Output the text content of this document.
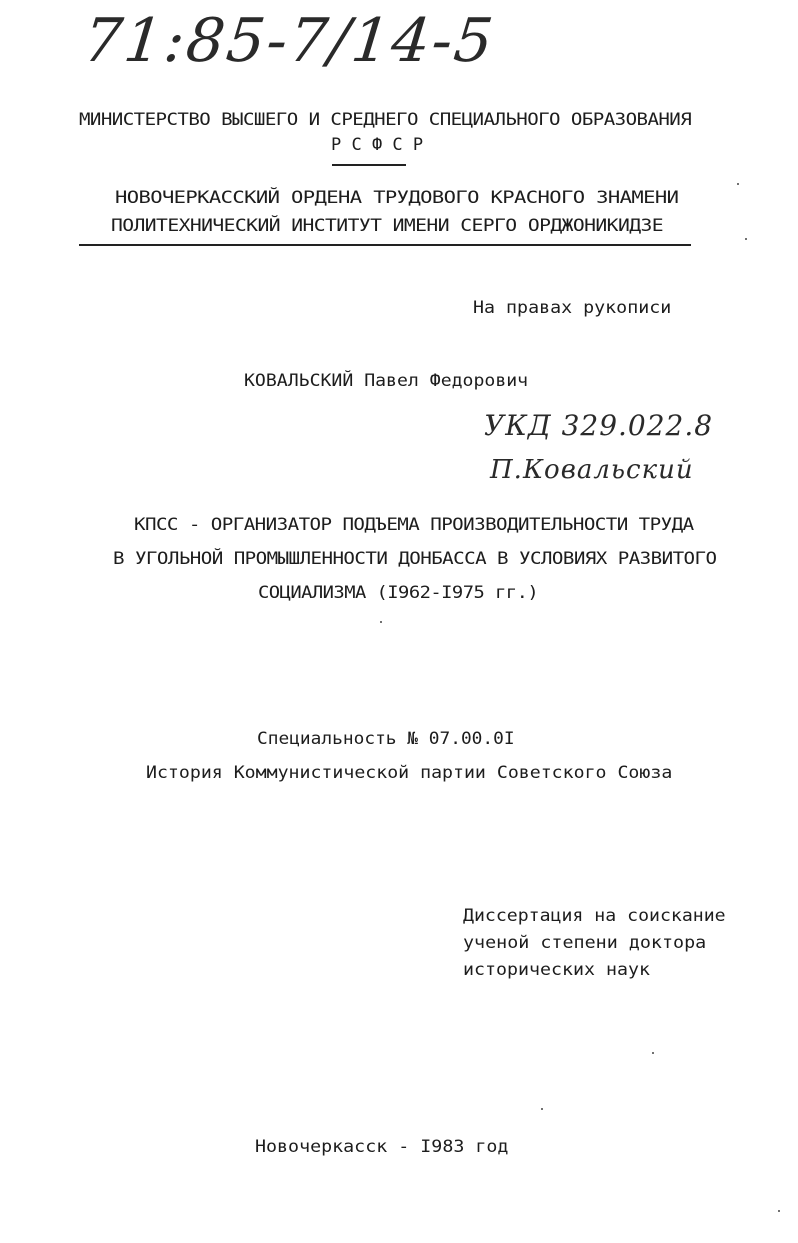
71:85-7/14-5
МИНИСТЕРСТВО ВЫСШЕГО И СРЕДНЕГО СПЕЦИАЛЬНОГО ОБРАЗОВАНИЯ
Р С Ф С Р
НОВОЧЕРКАССКИЙ ОРДЕНА ТРУДОВОГО КРАСНОГО ЗНАМЕНИ
ПОЛИТЕХНИЧЕСКИЙ ИНСТИТУТ ИМЕНИ СЕРГО ОРДЖОНИКИДЗЕ
На правах рукописи
КОВАЛЬСКИЙ Павел Федорович
УКД 329.022.8
П.Ковальский
КПСС - ОРГАНИЗАТОР ПОДЪЕМА ПРОИЗВОДИТЕЛЬНОСТИ ТРУДА
В УГОЛЬНОЙ ПРОМЫШЛЕННОСТИ ДОНБАССА В УСЛОВИЯХ РАЗВИТОГО
СОЦИАЛИЗМА (I962-I975 гг.)
Специальность № 07.00.0I
История Коммунистической партии Советского Союза
Диссертация на соискание
ученой степени доктора
исторических наук
Новочеркасск - I983 год
